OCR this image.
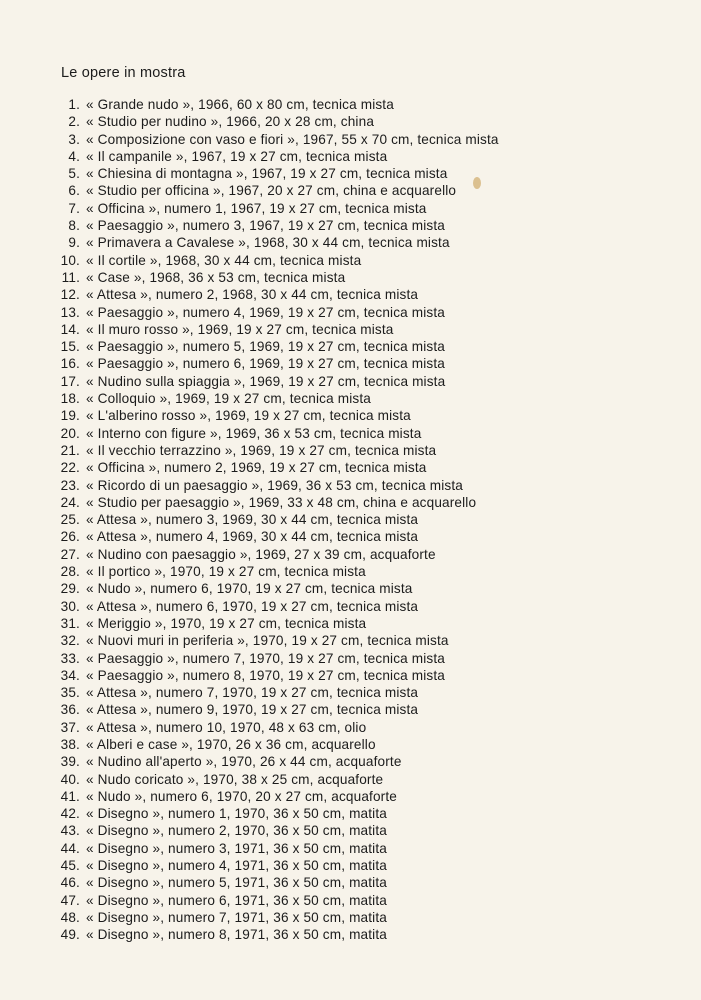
Le opere in mostra
1. « Grande nudo », 1966, 60 x 80 cm, tecnica mista
2. « Studio per nudino », 1966, 20 x 28 cm, china
3. « Composizione con vaso e fiori », 1967, 55 x 70 cm, tecnica mista
4. « Il campanile », 1967, 19 x 27 cm, tecnica mista
5. « Chiesina di montagna », 1967, 19 x 27 cm, tecnica mista
6. « Studio per officina », 1967, 20 x 27 cm, china e acquarello
7. « Officina », numero 1, 1967, 19 x 27 cm, tecnica mista
8. « Paesaggio », numero 3, 1967, 19 x 27 cm, tecnica mista
9. « Primavera a Cavalese », 1968, 30 x 44 cm, tecnica mista
10. « Il cortile », 1968, 30 x 44 cm, tecnica mista
11. « Case », 1968, 36 x 53 cm, tecnica mista
12. « Attesa », numero 2, 1968, 30 x 44 cm, tecnica mista
13. « Paesaggio », numero 4, 1969, 19 x 27 cm, tecnica mista
14. « Il muro rosso », 1969, 19 x 27 cm, tecnica mista
15. « Paesaggio », numero 5, 1969, 19 x 27 cm, tecnica mista
16. « Paesaggio », numero 6, 1969, 19 x 27 cm, tecnica mista
17. « Nudino sulla spiaggia », 1969, 19 x 27 cm, tecnica mista
18. « Colloquio », 1969, 19 x 27 cm, tecnica mista
19. « L'alberino rosso », 1969, 19 x 27 cm, tecnica mista
20. « Interno con figure », 1969, 36 x 53 cm, tecnica mista
21. « Il vecchio terrazzino », 1969, 19 x 27 cm, tecnica mista
22. « Officina », numero 2, 1969, 19 x 27 cm, tecnica mista
23. « Ricordo di un paesaggio », 1969, 36 x 53 cm, tecnica mista
24. « Studio per paesaggio », 1969, 33 x 48 cm, china e acquarello
25. « Attesa », numero 3, 1969, 30 x 44 cm, tecnica mista
26. « Attesa », numero 4, 1969, 30 x 44 cm, tecnica mista
27. « Nudino con paesaggio », 1969, 27 x 39 cm, acquaforte
28. « Il portico », 1970, 19 x 27 cm, tecnica mista
29. « Nudo », numero 6, 1970, 19 x 27 cm, tecnica mista
30. « Attesa », numero 6, 1970, 19 x 27 cm, tecnica mista
31. « Meriggio », 1970, 19 x 27 cm, tecnica mista
32. « Nuovi muri in periferia », 1970, 19 x 27 cm, tecnica mista
33. « Paesaggio », numero 7, 1970, 19 x 27 cm, tecnica mista
34. « Paesaggio », numero 8, 1970, 19 x 27 cm, tecnica mista
35. « Attesa », numero 7, 1970, 19 x 27 cm, tecnica mista
36. « Attesa », numero 9, 1970, 19 x 27 cm, tecnica mista
37. « Attesa », numero 10, 1970, 48 x 63 cm, olio
38. « Alberi e case », 1970, 26 x 36 cm, acquarello
39. « Nudino all'aperto », 1970, 26 x 44 cm, acquaforte
40. « Nudo coricato », 1970, 38 x 25 cm, acquaforte
41. « Nudo », numero 6, 1970, 20 x 27 cm, acquaforte
42. « Disegno », numero 1, 1970, 36 x 50 cm, matita
43. « Disegno », numero 2, 1970, 36 x 50 cm, matita
44. « Disegno », numero 3, 1971, 36 x 50 cm, matita
45. « Disegno », numero 4, 1971, 36 x 50 cm, matita
46. « Disegno », numero 5, 1971, 36 x 50 cm, matita
47. « Disegno », numero 6, 1971, 36 x 50 cm, matita
48. « Disegno », numero 7, 1971, 36 x 50 cm, matita
49. « Disegno », numero 8, 1971, 36 x 50 cm, matita
